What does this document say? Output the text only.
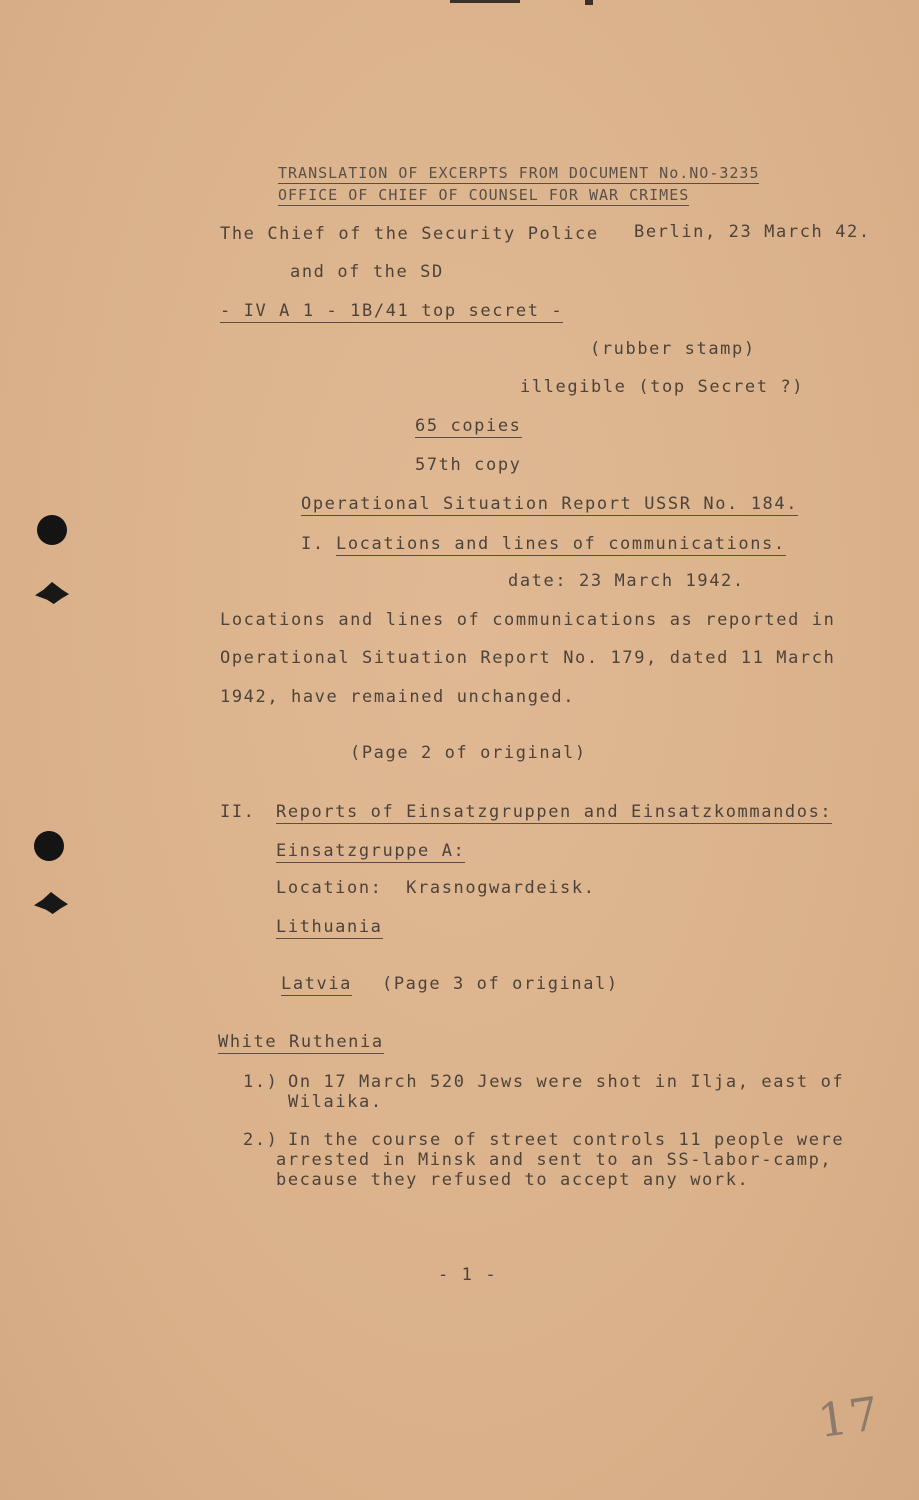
TRANSLATION OF EXCERPTS FROM DOCUMENT No.NO-3235
OFFICE OF CHIEF OF COUNSEL FOR WAR CRIMES
The Chief of the Security Police Berlin, 23 March 42.
and of the SD
- IV A 1 - 1B/41 top secret -
(rubber stamp)
illegible (top Secret ?)
65 copies
57th copy
Operational Situation Report USSR No. 184.
I. Locations and lines of communications.
date: 23 March 1942.
Locations and lines of communications as reported in
Operational Situation Report No. 179, dated 11 March
1942, have remained unchanged.
(Page 2 of original)
II. Reports of Einsatzgruppen and Einsatzkommandos:
Einsatzgruppe A:
Location:  Krasnogwardeisk.
Lithuania
Latvia (Page 3 of original)
White Ruthenia
1.) On 17 March 520 Jews were shot in Ilja, east of
Wilaika.
2.) In the course of street controls 11 people were
arrested in Minsk and sent to an SS-labor-camp,
because they refused to accept any work.
- 1 -
17
